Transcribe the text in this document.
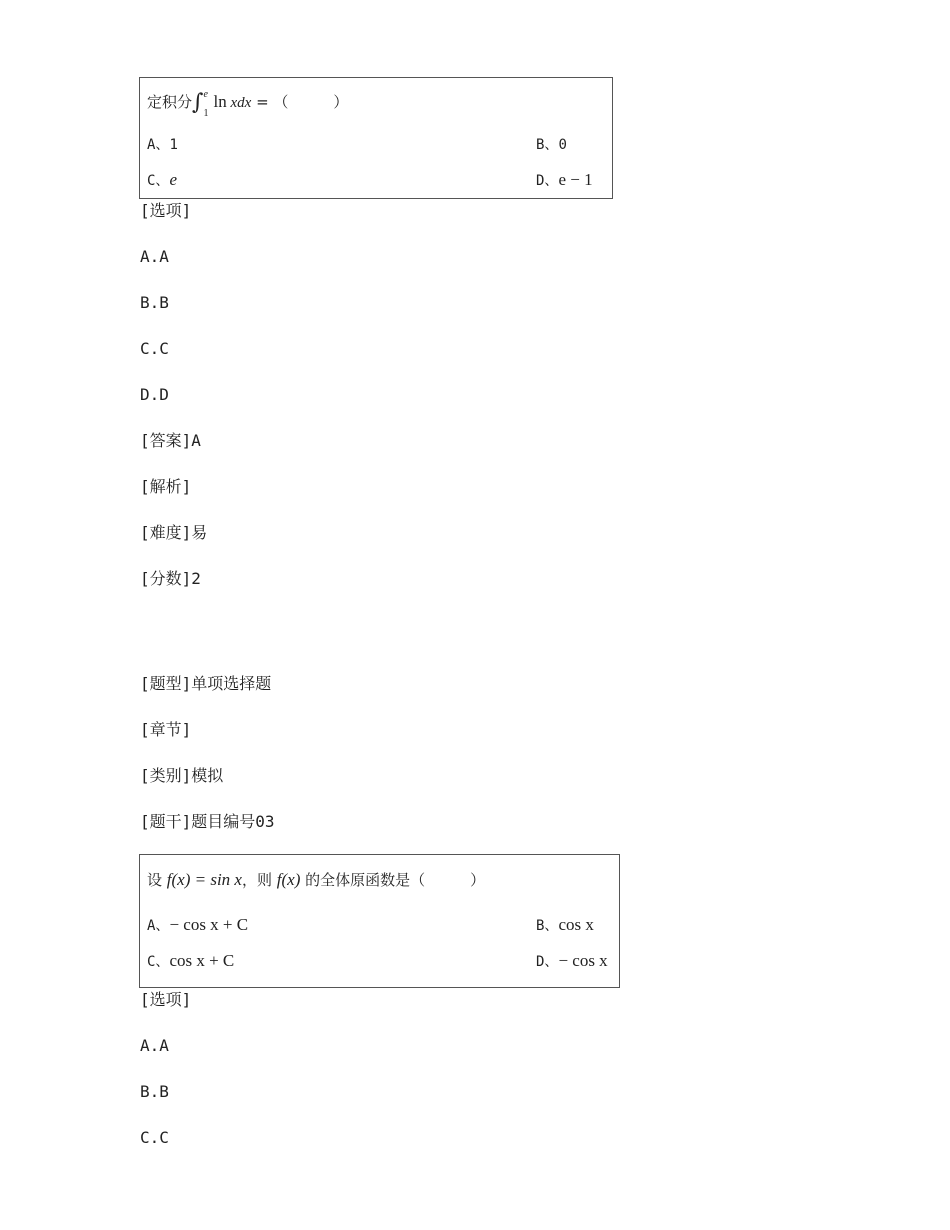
定积分∫ e
1
ln xdx = （　　　）
A、1	B、0
C、e	D、e − 1
[选项]
A.A
B.B
C.C
D.D
[答案]A
[解析]
[难度]易
[分数]2
[题型]单项选择题
[章节]
[类别]模拟
[题干]题目编号03
设 f(x) = sin x，则 f(x) 的全体原函数是（　　　）
A、− cos x + C	B、cos x
C、cos x + C	D、− cos x
[选项]
A.A
B.B
C.C
